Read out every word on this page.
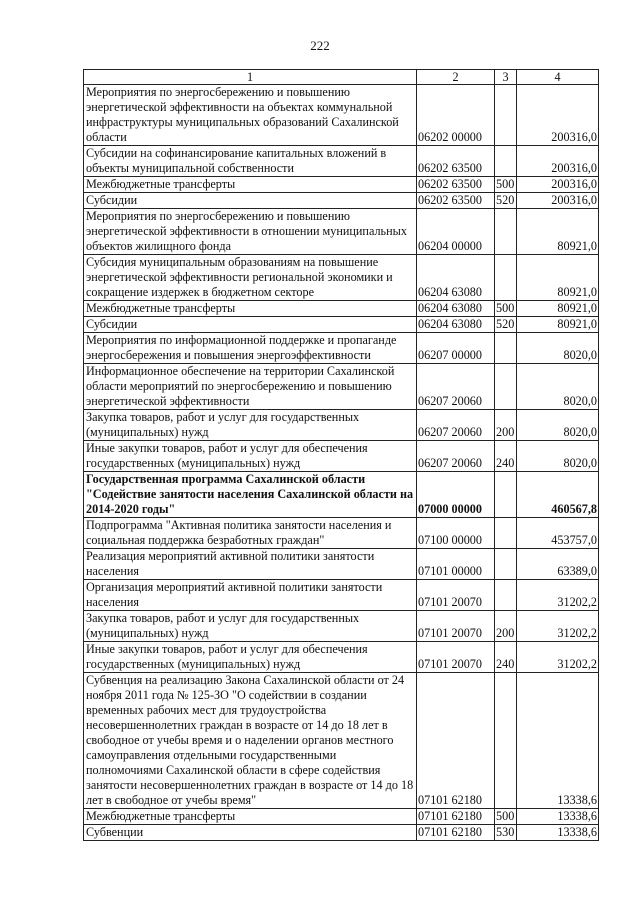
222
1	2	3	4
Мероприятия по энергосбережению и повышению энергетической эффективности на объектах коммунальной инфраструктуры муниципальных образований Сахалинской области	06202 00000		200316,0
Субсидии на софинансирование капитальных вложений в объекты муниципальной собственности	06202 63500		200316,0
Межбюджетные трансферты	06202 63500	500	200316,0
Субсидии	06202 63500	520	200316,0
Мероприятия по энергосбережению и повышению энергетической эффективности в отношении муниципальных объектов жилищного фонда	06204 00000		80921,0
Субсидия муниципальным образованиям на повышение энергетической эффективности региональной экономики и сокращение издержек в бюджетном секторе	06204 63080		80921,0
Межбюджетные трансферты	06204 63080	500	80921,0
Субсидии	06204 63080	520	80921,0
Мероприятия по информационной поддержке и пропаганде энергосбережения и повышения энергоэффективности	06207 00000		8020,0
Информационное обеспечение на территории Сахалинской области мероприятий по энергосбережению и повышению энергетической эффективности	06207 20060		8020,0
Закупка товаров, работ и услуг для государственных (муниципальных) нужд	06207 20060	200	8020,0
Иные закупки товаров, работ и услуг для обеспечения государственных (муниципальных) нужд	06207 20060	240	8020,0
Государственная программа Сахалинской области "Содействие занятости населения Сахалинской области на 2014-2020 годы"	07000 00000		460567,8
Подпрограмма "Активная политика занятости населения и социальная поддержка безработных граждан"	07100 00000		453757,0
Реализация мероприятий активной политики занятости населения	07101 00000		63389,0
Организация мероприятий активной политики занятости населения	07101 20070		31202,2
Закупка товаров, работ и услуг для государственных (муниципальных) нужд	07101 20070	200	31202,2
Иные закупки товаров, работ и услуг для обеспечения государственных (муниципальных) нужд	07101 20070	240	31202,2
Субвенция на реализацию Закона Сахалинской области от 24 ноября 2011 года № 125-ЗО "О содействии в создании временных рабочих мест для трудоустройства несовершеннолетних граждан в возрасте от 14 до 18 лет в свободное от учебы время и о наделении органов местного самоуправления отдельными государственными полномочиями Сахалинской области в сфере содействия занятости несовершеннолетних граждан в возрасте от 14 до 18 лет в свободное от учебы время"	07101 62180		13338,6
Межбюджетные трансферты	07101 62180	500	13338,6
Субвенции	07101 62180	530	13338,6
